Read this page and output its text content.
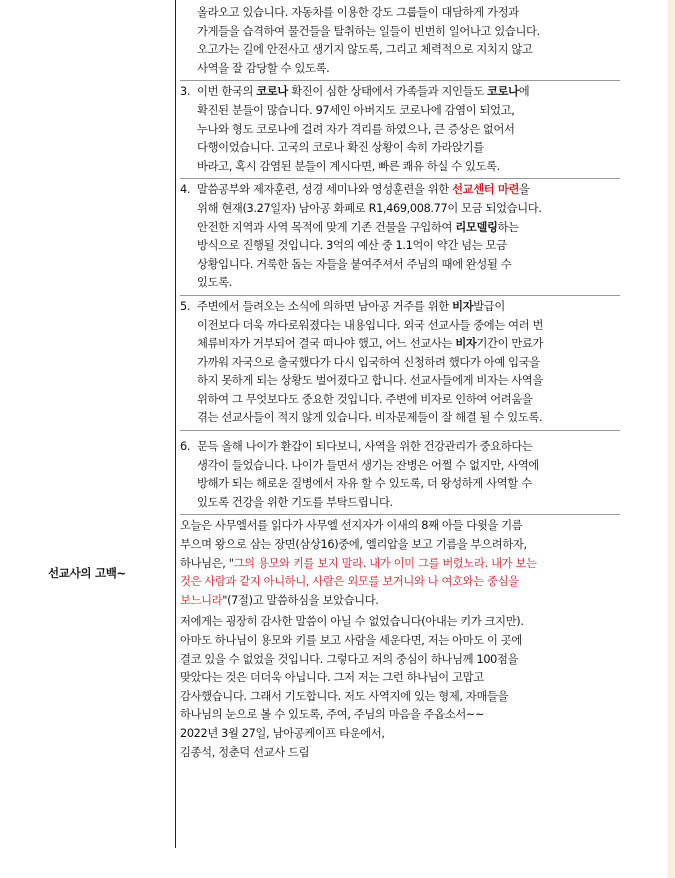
선교사의 고백~

올라오고 있습니다. 자동차를 이용한 강도 그룹들이 대담하게 가정과

가게들을 습격하여 물건들을 탈취하는 일들이 빈번히 일어나고 있습니다.

오고가는 길에 안전사고 생기지 않도록, 그리고 체력적으로 지치지 않고

사역을 잘 감당할 수 있도록.

3. 이번 한국의 코로나 확진이 심한 상태에서 가족들과 지인들도 코로나에

확진된 분들이 많습니다. 97세인 아버지도 코로나에 감염이 되었고,

누나와 형도 코로나에 걸려 자가 격리를 하였으나, 큰 증상은 없어서

다행이었습니다. 고국의 코로나 확진 상황이 속히 가라앉기를

바라고, 혹시 감염된 분들이 계시다면, 빠른 쾌유 하실 수 있도록.

4. 말씀공부와 제자훈련, 성경 세미나와 영성훈련을 위한 선교센터 마련을

위해 현재(3.27일자) 남아공 화폐로 R1,469,008.77이 모금 되었습니다.

안전한 지역과 사역 목적에 맞게 기존 건물을 구입하여 리모델링하는

방식으로 진행될 것입니다. 3억의 예산 중 1.1억이 약간 넘는 모금

상황입니다. 거룩한 돕는 자들을 붙여주셔서 주님의 때에 완성될 수

있도록.

5. 주변에서 들려오는 소식에 의하면 남아공 거주를 위한 비자발급이

이전보다 더욱 까다로워졌다는 내용입니다. 외국 선교사들 중에는 여러 번

체류비자가 거부되어 결국 떠나야 했고, 어느 선교사는 비자기간이 만료가

가까워 자국으로 출국했다가 다시 입국하여 신청하려 했다가 아예 입국을

하지 못하게 되는 상황도 벌어졌다고 합니다. 선교사들에게 비자는 사역을

위하여 그 무엇보다도 중요한 것입니다. 주변에 비자로 인하여 어려움을

겪는 선교사들이 적지 않게 있습니다. 비자문제들이 잘 해결 될 수 있도록.

6. 문득 올해 나이가 환갑이 되다보니, 사역을 위한 건강관리가 중요하다는

생각이 들었습니다. 나이가 들면서 생기는 잔병은 어쩔 수 없지만, 사역에

방해가 되는 해로운 질병에서 자유 할 수 있도록, 더 왕성하게 사역할 수

있도록 건강을 위한 기도를 부탁드립니다.

오늘은 사무엘서를 읽다가 사무엘 선지자가 이새의 8째 아들 다윗을 기름

부으며 왕으로 삼는 장면(삼상16)중에, 엘리압을 보고 기름을 부으려하자,

하나님은, "그의 용모와 키를 보지 말라. 내가 이미 그를 버렸노라. 내가 보는

것은 사람과 같지 아니하니, 사람은 외모를 보거니와 나 여호와는 중심을

보느니라"(7절)고 말씀하심을 보았습니다.

저에게는 굉장히 감사한 말씀이 아닐 수 없었습니다(아내는 키가 크지만).

아마도 하나님이 용모와 키를 보고 사람을 세운다면, 저는 아마도 이 곳에

결코 있을 수 없었을 것입니다. 그렇다고 저의 중심이 하나님께 100점을

맞았다는 것은 더더욱 아닙니다. 그저 저는 그런 하나님이 고맙고

감사했습니다. 그래서 기도합니다. 저도 사역지에 있는 형제, 자매들을

하나님의 눈으로 볼 수 있도록, 주여, 주님의 마음을 주옵소서~~

2022년 3월 27일, 남아공케이프 타운에서,

김종석, 정춘덕 선교사 드림
